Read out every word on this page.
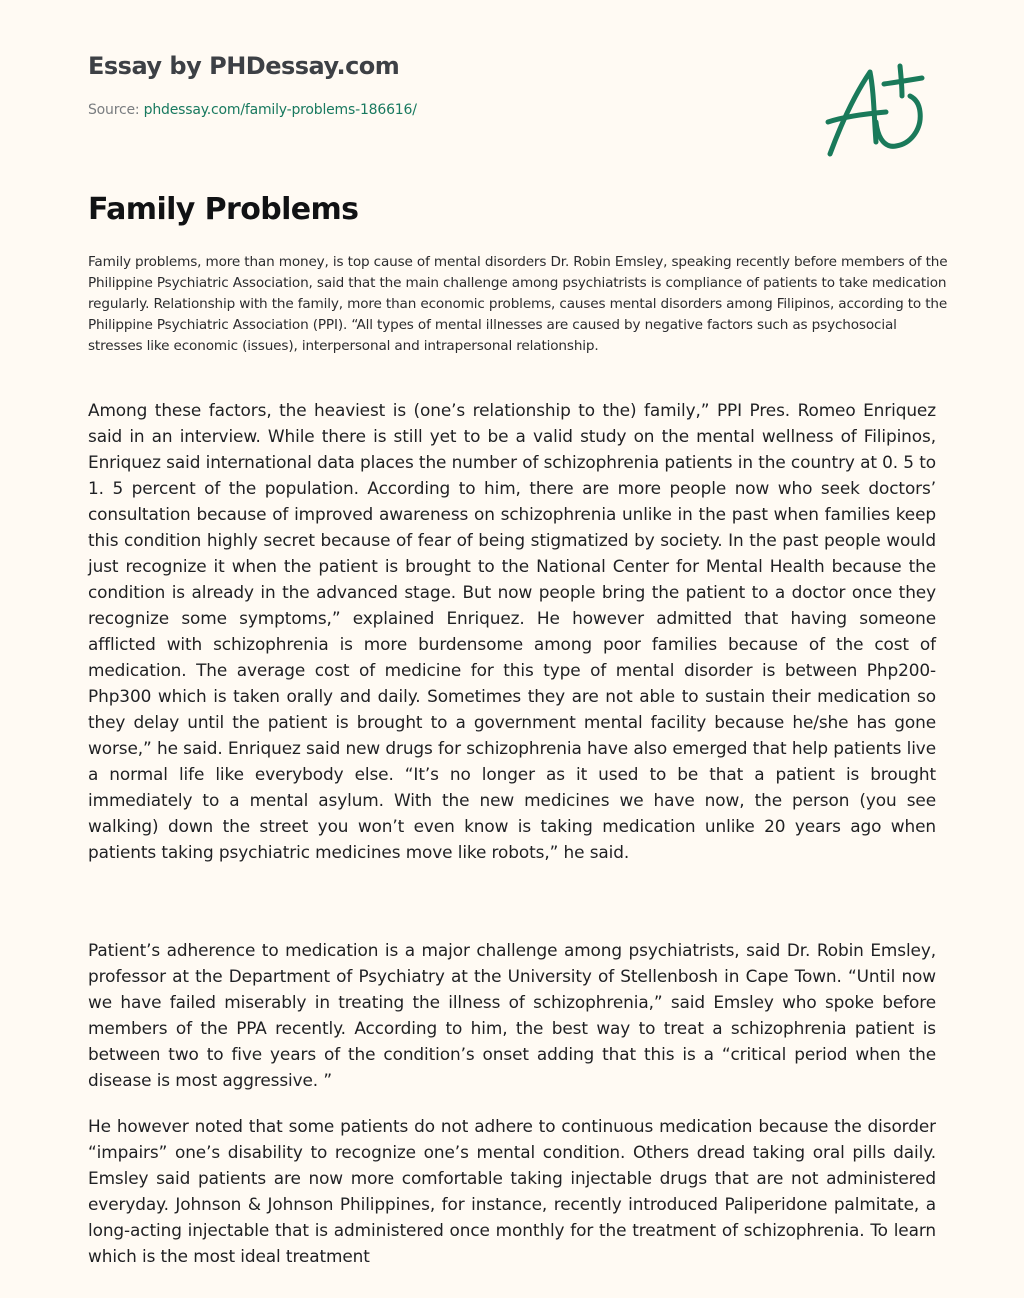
Essay by PHDessay.com
Source: phdessay.com/family-problems-186616/
Family Problems

Family problems, more than money, is top cause of mental disorders Dr. Robin Emsley, speaking recently before members of the Philippine Psychiatric Association, said that the main challenge among psychiatrists is compliance of patients to take medication regularly. Relationship with the family, more than economic problems, causes mental disorders among Filipinos, according to the Philippine Psychiatric Association (PPI). “All types of mental illnesses are caused by negative factors such as psychosocial stresses like economic (issues), interpersonal and intrapersonal relationship.

Among these factors, the heaviest is (one’s relationship to the) family,” PPI Pres. Romeo Enriquez said in an interview. While there is still yet to be a valid study on the mental wellness of Filipinos, Enriquez said international data places the number of schizophrenia patients in the country at 0. 5 to 1. 5 percent of the population. According to him, there are more people now who seek doctors’ consultation because of improved awareness on schizophrenia unlike in the past when families keep this condition highly secret because of fear of being stigmatized by society. In the past people would just recognize it when the patient is brought to the National Center for Mental Health because the condition is already in the advanced stage. But now people bring the patient to a doctor once they recognize some symptoms,” explained Enriquez. He however admitted that having someone afflicted with schizophrenia is more burdensome among poor families because of the cost of medication. The average cost of medicine for this type of mental disorder is between Php200-Php300 which is taken orally and daily. Sometimes they are not able to sustain their medication so they delay until the patient is brought to a government mental facility because he/she has gone worse,” he said. Enriquez said new drugs for schizophrenia have also emerged that help patients live a normal life like everybody else. “It’s no longer as it used to be that a patient is brought immediately to a mental asylum. With the new medicines we have now, the person (you see walking) down the street you won’t even know is taking medication unlike 20 years ago when patients taking psychiatric medicines move like robots,” he said.

Patient’s adherence to medication is a major challenge among psychiatrists, said Dr. Robin Emsley, professor at the Department of Psychiatry at the University of Stellenbosh in Cape Town. “Until now we have failed miserably in treating the illness of schizophrenia,” said Emsley who spoke before members of the PPA recently. According to him, the best way to treat a schizophrenia patient is between two to five years of the condition’s onset adding that this is a “critical period when the disease is most aggressive. ”

He however noted that some patients do not adhere to continuous medication because the disorder “impairs” one’s disability to recognize one’s mental condition. Others dread taking oral pills daily. Emsley said patients are now more comfortable taking injectable drugs that are not administered everyday. Johnson & Johnson Philippines, for instance, recently introduced Paliperidone palmitate, a long-acting injectable that is administered once monthly for the treatment of schizophrenia. To learn which is the most ideal treatment
